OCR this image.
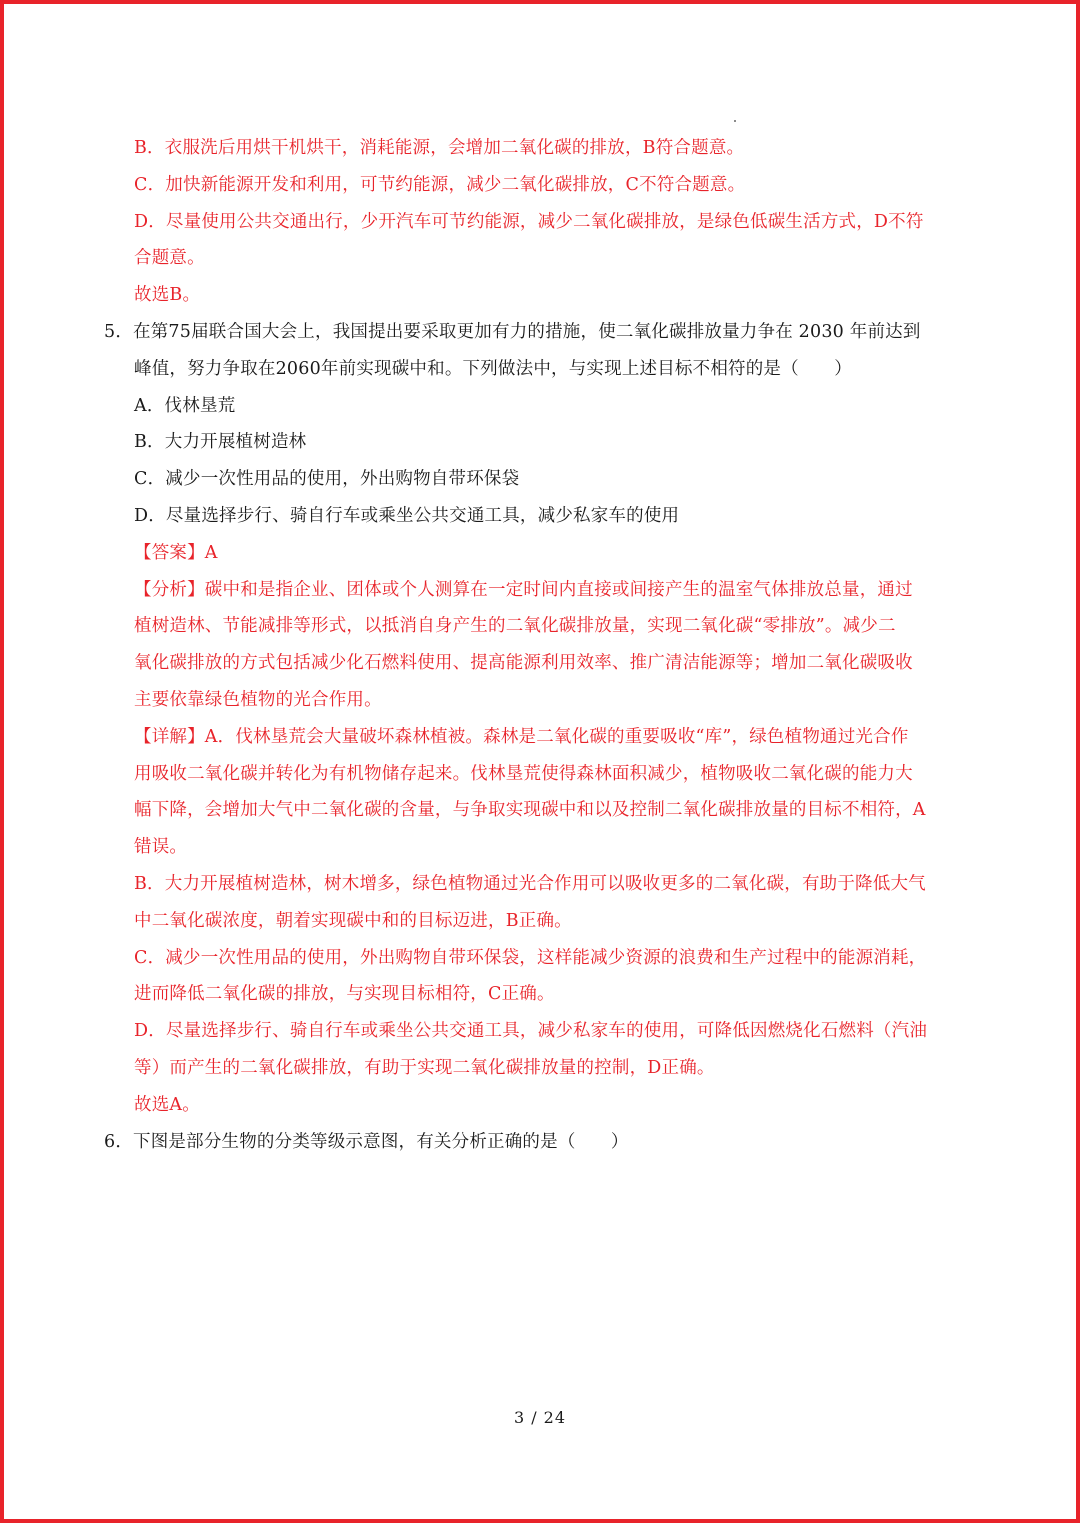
B．衣服洗后用烘干机烘干，消耗能源，会增加二氧化碳的排放，B符合题意。
C．加快新能源开发和利用，可节约能源，减少二氧化碳排放，C不符合题意。
D．尽量使用公共交通出行，少开汽车可节约能源，减少二氧化碳排放，是绿色低碳生活方式，D不符
合题意。
故选B。
5．在第75届联合国大会上，我国提出要采取更加有力的措施，使二氧化碳排放量力争在 2030 年前达到
峰值，努力争取在2060年前实现碳中和。下列做法中，与实现上述目标不相符的是（　　）
A．伐林垦荒
B．大力开展植树造林
C．减少一次性用品的使用，外出购物自带环保袋
D．尽量选择步行、骑自行车或乘坐公共交通工具，减少私家车的使用
【答案】A
【分析】碳中和是指企业、团体或个人测算在一定时间内直接或间接产生的温室气体排放总量，通过
植树造林、节能减排等形式，以抵消自身产生的二氧化碳排放量，实现二氧化碳“零排放”。减少二
氧化碳排放的方式包括减少化石燃料使用、提高能源利用效率、推广清洁能源等；增加二氧化碳吸收
主要依靠绿色植物的光合作用。
【详解】A．伐林垦荒会大量破坏森林植被。森林是二氧化碳的重要吸收“库”，绿色植物通过光合作
用吸收二氧化碳并转化为有机物储存起来。伐林垦荒使得森林面积减少，植物吸收二氧化碳的能力大
幅下降，会增加大气中二氧化碳的含量，与争取实现碳中和以及控制二氧化碳排放量的目标不相符，A
错误。
B．大力开展植树造林，树木增多，绿色植物通过光合作用可以吸收更多的二氧化碳，有助于降低大气
中二氧化碳浓度，朝着实现碳中和的目标迈进，B正确。
C．减少一次性用品的使用，外出购物自带环保袋，这样能减少资源的浪费和生产过程中的能源消耗，
进而降低二氧化碳的排放，与实现目标相符，C正确。
D．尽量选择步行、骑自行车或乘坐公共交通工具，减少私家车的使用，可降低因燃烧化石燃料（汽油
等）而产生的二氧化碳排放，有助于实现二氧化碳排放量的控制，D正确。
故选A。
6．下图是部分生物的分类等级示意图，有关分析正确的是（　　）
3 / 24
